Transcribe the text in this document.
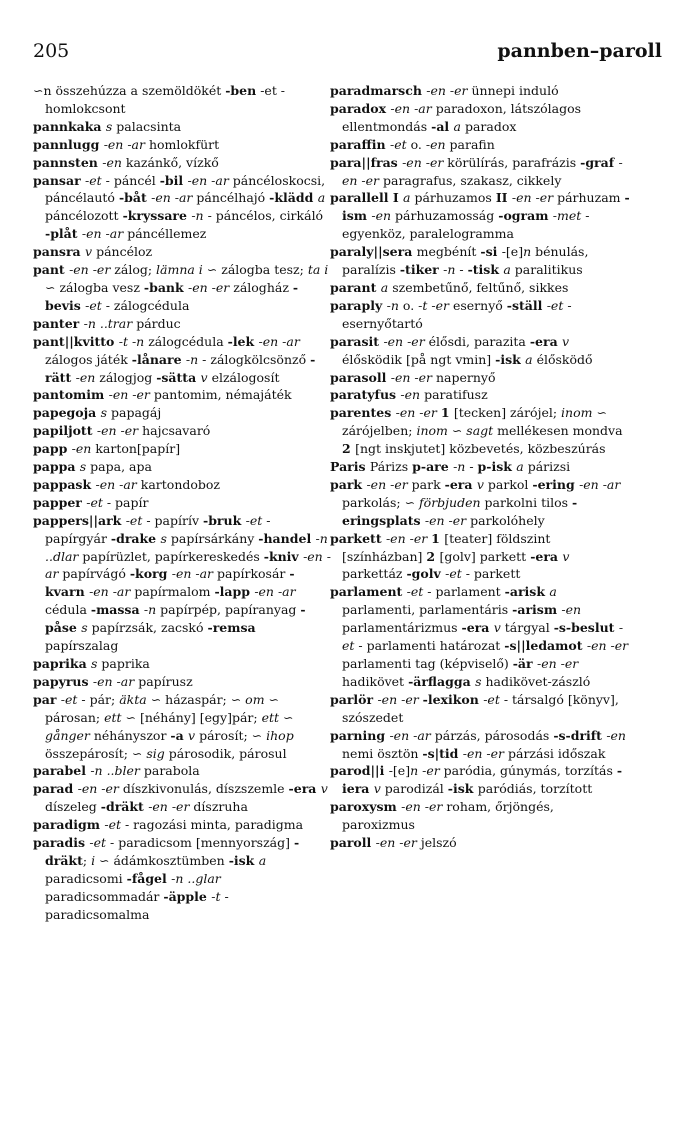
205	pannben–paroll

∽n összehúzza a szemöldökét -ben -et - homlokcsont

pannkaka s palacsinta

pannlugg -en -ar homlokfürt

pannsten -en kazánkő, vízkő

pansar -et - páncél -bil -en -ar páncéloskocsi, páncélautó -båt -en -ar páncélhajó -klädd a páncélozott -kryssare -n - páncélos, cirkáló -plåt -en -ar páncéllemez

pansra v páncéloz

pant -en -er zálog; lämna i ∽ zálogba tesz; ta i ∽ zálogba vesz -bank -en -er zálogház -bevis -et - zálogcédula

panter -n ..trar párduc

pant||kvitto -t -n zálogcédula -lek -en -ar zálogos játék -lånare -n - zálogkölcsönző -rätt -en zálogjog -sätta v elzálogosít

pantomim -en -er pantomim, némajáték

papegoja s papagáj

papiljott -en -er hajcsavaró

papp -en karton[papír]

pappa s papa, apa

pappask -en -ar kartondoboz

papper -et - papír

pappers||ark -et - papírív -bruk -et - papírgyár -drake s papírsárkány -handel -n ..dlar papírüzlet, papírkereskedés -kniv -en -ar papírvágó -korg -en -ar papírkosár -kvarn -en -ar papírmalom -lapp -en -ar cédula -massa -n papírpép, papíranyag -påse s papírzsák, zacskó -remsa papírszalag

paprika s paprika

papyrus -en -ar papírusz

par -et - pár; äkta ∽ házaspár; ∽ om ∽ párosan; ett ∽ [néhány] [egy]pár; ett ∽ gånger néhányszor -a v párosít; ∽ ihop összepárosít; ∽ sig párosodik, párosul

parabel -n ..bler parabola

parad -en -er díszkivonulás, díszszemle -era v díszeleg -dräkt -en -er díszruha

paradigm -et - ragozási minta, paradigma

paradis -et - paradicsom [mennyország] -dräkt; i ∽ ádámkosztümben -isk a paradicsomi -fågel -n ..glar paradicsommadár -äpple -t - paradicsomalma

paradmarsch -en -er ünnepi induló

paradox -en -ar paradoxon, látszólagos ellentmondás -al a paradox

paraffin -et o. -en parafin

para||fras -en -er körülírás, parafrázis -graf -en -er paragrafus, szakasz, cikkely

parallell I a párhuzamos II -en -er párhuzam -ism -en párhuzamosság -ogram -met - egyenköz, paralelogramma

paraly||sera megbénít -si -[e]n bénulás, paralízis -tiker -n - -tisk a paralitikus

parant a szembetűnő, feltűnő, sikkes

paraply -n o. -t -er esernyő -ställ -et - esernyőtartó

parasit -en -er élősdi, parazita -era v élősködik [på ngt vmin] -isk a élősködő

parasoll -en -er napernyő

paratyfus -en paratifusz

parentes -en -er 1 [tecken] zárójel; inom ∽ zárójelben; inom ∽ sagt mellékesen mondva 2 [ngt inskjutet] közbevetés, közbeszúrás

Paris Párizs p-are -n - p-isk a párizsi

park -en -er park -era v parkol -ering -en -ar parkolás; ∽ förbjuden parkolni tilos -eringsplats -en -er parkolóhely

parkett -en -er 1 [teater] földszint [színházban] 2 [golv] parkett -era v parkettáz -golv -et - parkett

parlament -et - parlament -arisk a parlamenti, parlamentáris -arism -en parlamentárizmus -era v tárgyal -s-beslut -et - parlamenti határozat -s||ledamot -en -er parlamenti tag (képviselő) -är -en -er hadikövet -ärflagga s hadikövet-zászló

parlör -en -er -lexikon -et - társalgó [könyv], szószedet

parning -en -ar párzás, párosodás -s-drift -en nemi ösztön -s|tid -en -er párzási időszak

parod||i -[e]n -er paródia, gúnymás, torzítás -iera v parodizál -isk paródiás, torzított

paroxysm -en -er roham, őrjöngés, paroxizmus

paroll -en -er jelszó
